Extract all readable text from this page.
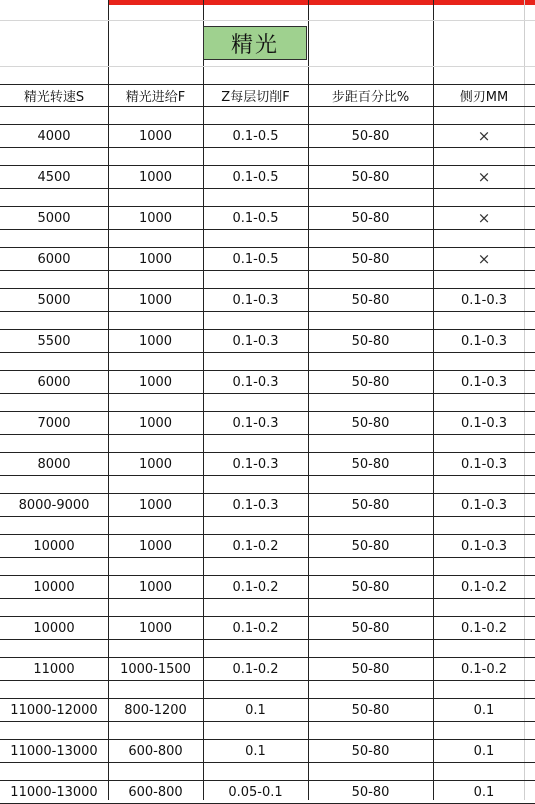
精光
精光转速S	精光进给F	Z每层切削F	步距百分比%	侧刃MM
4000	1000	0.1-0.5	50-80	×
4500	1000	0.1-0.5	50-80	×
5000	1000	0.1-0.5	50-80	×
6000	1000	0.1-0.5	50-80	×
5000	1000	0.1-0.3	50-80	0.1-0.3
5500	1000	0.1-0.3	50-80	0.1-0.3
6000	1000	0.1-0.3	50-80	0.1-0.3
7000	1000	0.1-0.3	50-80	0.1-0.3
8000	1000	0.1-0.3	50-80	0.1-0.3
8000-9000	1000	0.1-0.3	50-80	0.1-0.3
10000	1000	0.1-0.2	50-80	0.1-0.3
10000	1000	0.1-0.2	50-80	0.1-0.2
10000	1000	0.1-0.2	50-80	0.1-0.2
11000	1000-1500	0.1-0.2	50-80	0.1-0.2
11000-12000	800-1200	0.1	50-80	0.1
11000-13000	600-800	0.1	50-80	0.1
11000-13000	600-800	0.05-0.1	50-80	0.1
